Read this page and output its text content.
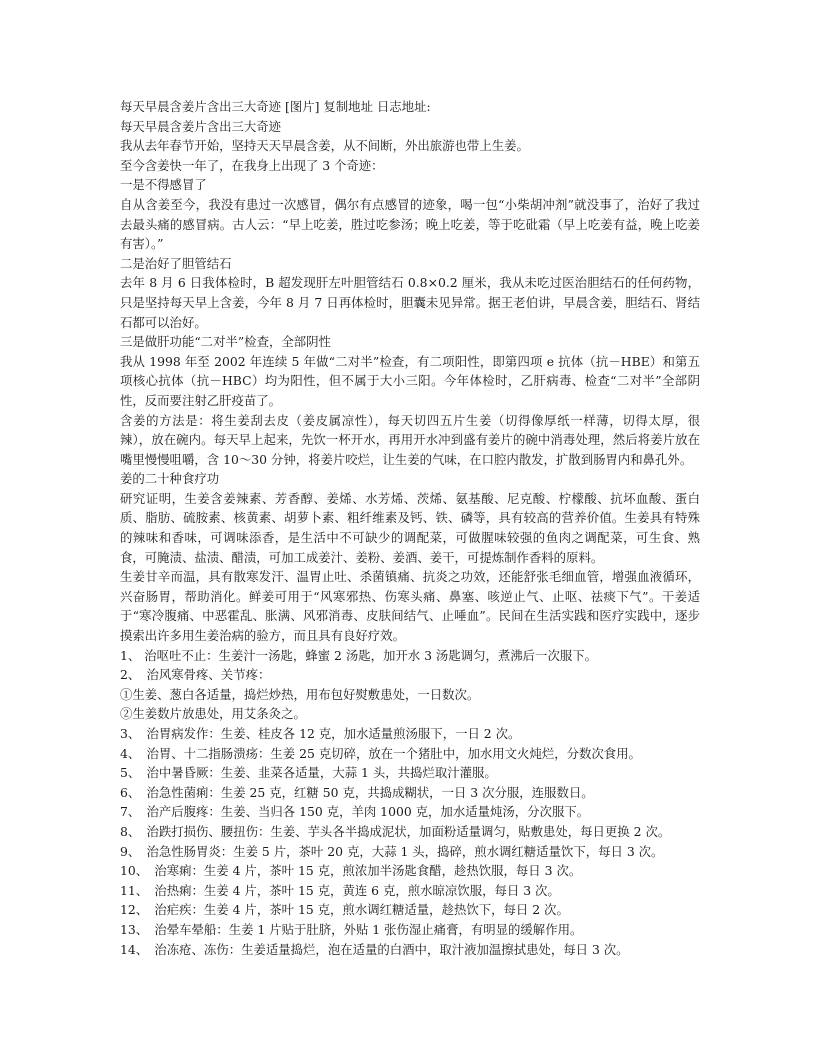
每天早晨含姜片含出三大奇迹 [图片] 复制地址 日志地址:

每天早晨含姜片含出三大奇迹

我从去年春节开始，坚持天天早晨含姜，从不间断，外出旅游也带上生姜。

至今含姜快一年了，在我身上出现了 3 个奇迹：

一是不得感冒了

自从含姜至今，我没有患过一次感冒，偶尔有点感冒的迹象，喝一包“小柴胡冲剂”就没事了，治好了我过去最头痛的感冒病。古人云：“早上吃姜，胜过吃参汤；晚上吃姜，等于吃砒霜（早上吃姜有益，晚上吃姜有害）。”

二是治好了胆管结石

去年 8 月 6 日我体检时，B 超发现肝左叶胆管结石 0.8×0.2 厘米，我从未吃过医治胆结石的任何药物，只是坚持每天早上含姜，今年 8 月 7 日再体检时，胆囊未见异常。据王老伯讲，早晨含姜，胆结石、肾结石都可以治好。

三是做肝功能“二对半”检查，全部阴性

我从 1998 年至 2002 年连续 5 年做“二对半”检查，有二项阳性，即第四项 e 抗体（抗－HBE）和第五项核心抗体（抗－HBC）均为阳性，但不属于大小三阳。今年体检时，乙肝病毒、检查“二对半”全部阴性，反而要注射乙肝疫苗了。

含姜的方法是：将生姜刮去皮（姜皮属凉性），每天切四五片生姜（切得像厚纸一样薄，切得太厚，很辣），放在碗内。每天早上起来，先饮一杯开水，再用开水冲到盛有姜片的碗中消毒处理，然后将姜片放在嘴里慢慢咀嚼，含 10～30 分钟，将姜片咬烂，让生姜的气味，在口腔内散发，扩散到肠胃内和鼻孔外。

姜的二十种食疗功

研究证明，生姜含姜辣素、芳香醇、姜烯、水芳烯、茨烯、氨基酸、尼克酸、柠檬酸、抗坏血酸、蛋白质、脂肪、硫胺素、核黄素、胡萝卜素、粗纤维素及钙、铁、磷等，具有较高的营养价值。生姜具有特殊的辣味和香味，可调味添香，是生活中不可缺少的调配菜，可做腥味较强的鱼肉之调配菜，可生食、熟食，可腌渍、盐渍、醋渍，可加工成姜汁、姜粉、姜酒、姜干，可提炼制作香料的原料。

生姜甘辛而温，具有散寒发汗、温胃止吐、杀菌镇痛、抗炎之功效，还能舒张毛细血管，增强血液循环，兴奋肠胃，帮助消化。鲜姜可用于“风寒邪热、伤寒头痛、鼻塞、咳逆止气、止呕、祛痰下气”。干姜适于“寒冷腹痛、中恶霍乱、胀满、风邪消毒、皮肤间结气、止唾血”。民间在生活实践和医疗实践中，逐步摸索出许多用生姜治病的验方，而且具有良好疗效。

1、 治呕吐不止：生姜汁一汤匙，蜂蜜 2 汤匙，加开水 3 汤匙调匀，煮沸后一次服下。

2、　治风寒骨疼、关节疼：

①生姜、葱白各适量，捣烂炒热，用布包好熨敷患处，一日数次。

②生姜数片放患处，用艾条灸之。

3、　治胃病发作：生姜、桂皮各 12 克，加水适量煎汤服下，一日 2 次。

4、　治胃、十二指肠溃疡：生姜 25 克切碎，放在一个猪肚中，加水用文火炖烂，分数次食用。

5、　治中暑昏厥：生姜、韭菜各适量，大蒜 1 头，共捣烂取汁灌服。

6、　治急性菌痢：生姜 25 克，红糖 50 克，共捣成糊状，一日 3 次分服，连服数日。

7、　治产后腹疼：生姜、当归各 150 克，羊肉 1000 克，加水适量炖汤，分次服下。

8、　治跌打损伤、腰扭伤：生姜、芋头各半捣成泥状，加面粉适量调匀，贴敷患处，每日更换 2 次。

9、　治急性肠胃炎：生姜 5 片，茶叶 20 克，大蒜 1 头，捣碎，煎水调红糖适量饮下，每日 3 次。

10、　治寒痢：生姜 4 片，茶叶 15 克，煎浓加半汤匙食醋，趁热饮服，每日 3 次。

11、　治热痢：生姜 4 片，茶叶 15 克，黄连 6 克，煎水晾凉饮服，每日 3 次。

12、　治疟疾：生姜 4 片，茶叶 15 克，煎水调红糖适量，趁热饮下，每日 2 次。

13、　治晕车晕船：生姜 1 片贴于肚脐，外贴 1 张伤湿止痛膏，有明显的缓解作用。

14、　治冻疮、冻伤：生姜适量捣烂，泡在适量的白酒中，取汁液加温擦拭患处，每日 3 次。
